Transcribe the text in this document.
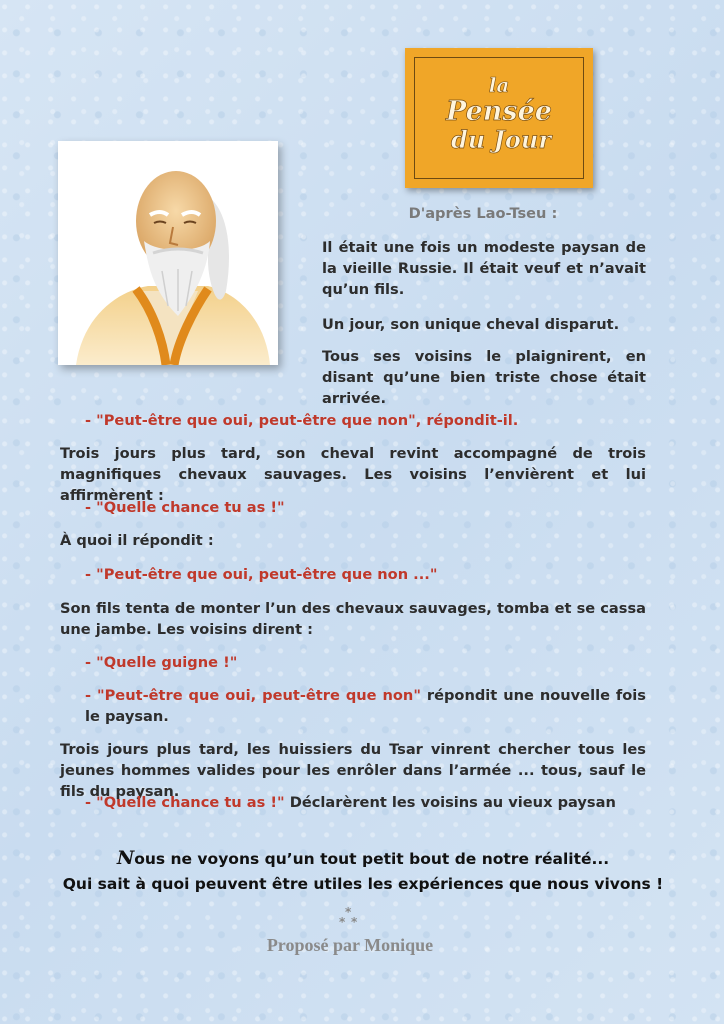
la
Pensée
du Jour
D'après Lao-Tseu :
Il était une fois un modeste paysan de la vieille Russie. Il était veuf et n’avait qu’un fils.
Un jour, son unique cheval disparut.
Tous ses voisins le plaignirent, en disant qu’une bien triste chose était arrivée.
- "Peut-être que oui, peut-être que non", répondit-il.
Trois jours plus tard, son cheval revint accompagné de trois magnifiques chevaux sauvages. Les voisins l’envièrent et lui affirmèrent :
- "Quelle chance tu as !"
À quoi il répondit :
- "Peut-être que oui, peut-être que non ..."
Son fils tenta de monter l’un des chevaux sauvages, tomba et se cassa une jambe. Les voisins dirent :
- "Quelle guigne !"
- "Peut-être que oui, peut-être que non" répondit une nouvelle fois le paysan.
Trois jours plus tard, les huissiers du Tsar vinrent chercher tous les jeunes hommes valides pour les enrôler dans l’armée ... tous, sauf le fils du paysan.
- "Quelle chance tu as !" Déclarèrent les voisins au vieux paysan
Nous ne voyons qu’un tout petit bout de notre réalité...
Qui sait à quoi peuvent être utiles les expériences que nous vivons !
*
* *
Proposé par Monique
